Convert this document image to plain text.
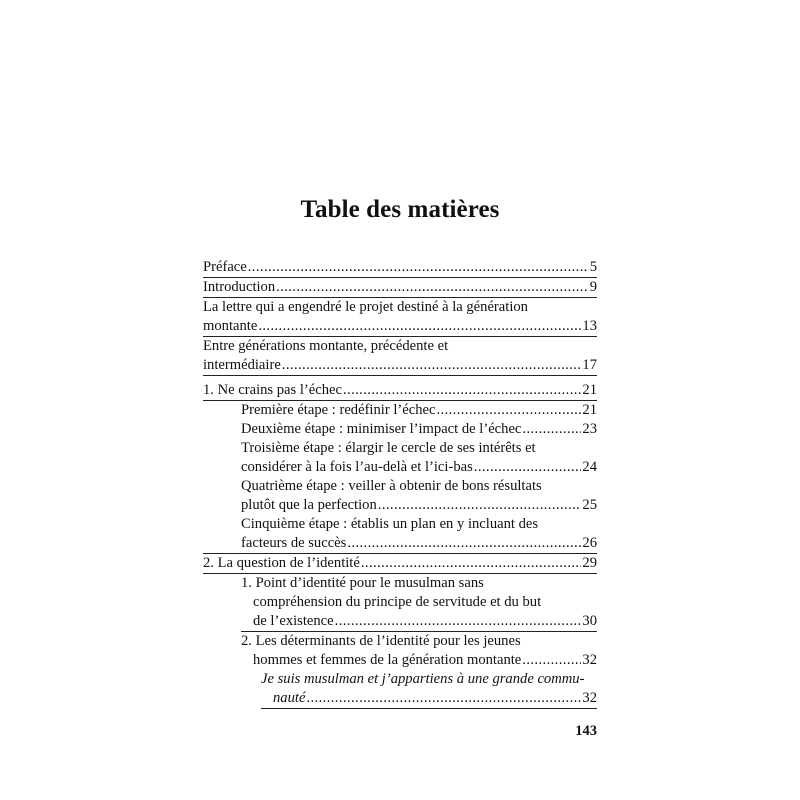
Table des matières
Préface .....	5
Introduction .....	9
La lettre qui a engendré le projet destiné à la génération
montante .....	13
Entre générations montante, précédente et
intermédiaire .....	17
1. Ne crains pas l’échec .....	21
Première étape : redéfinir l’échec .....	21
Deuxième étape : minimiser l’impact de l’échec .....	23
Troisième étape : élargir le cercle de ses intérêts et
considérer à la fois l’au-delà et l’ici-bas .....	24
Quatrième étape : veiller à obtenir de bons résultats
plutôt que la perfection .....	25
Cinquième étape : établis un plan en y incluant des
facteurs de succès .....	26
2. La question de l’identité .....	29
1. Point d’identité pour le musulman sans
compréhension du principe de servitude et du but
de l’existence .....	30
2. Les déterminants de l’identité pour les jeunes
hommes et femmes de la génération montante .....	32
Je suis musulman et j’appartiens à une grande commu-
nauté .....	32
143
